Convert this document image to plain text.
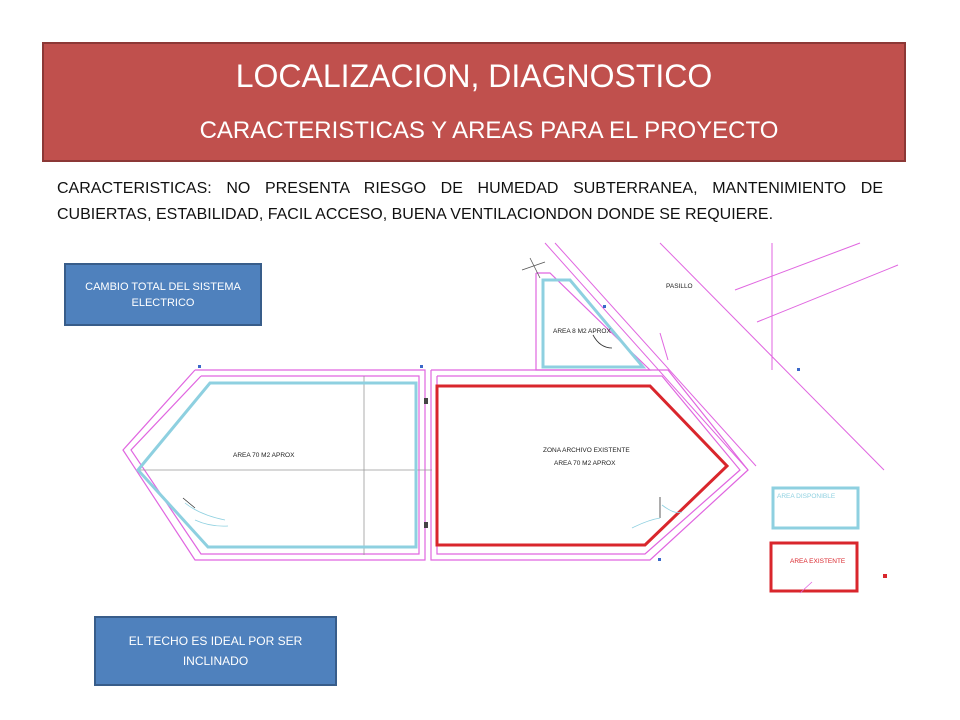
LOCALIZACION, DIAGNOSTICO
CARACTERISTICAS Y AREAS PARA EL PROYECTO
CARACTERISTICAS: NO PRESENTA RIESGO DE HUMEDAD SUBTERRANEA, MANTENIMIENTO DE CUBIERTAS, ESTABILIDAD, FACIL ACCESO, BUENA VENTILACIONDON DONDE SE REQUIERE.
CAMBIO TOTAL DEL SISTEMA ELECTRICO
PASILLO
AREA 8 M2 APROX
AREA 70 M2 APROX
ZONA ARCHIVO EXISTENTE
AREA 70 M2 APROX
AREA DISPONIBLE
AREA EXISTENTE
EL TECHO ES IDEAL POR SER INCLINADO
